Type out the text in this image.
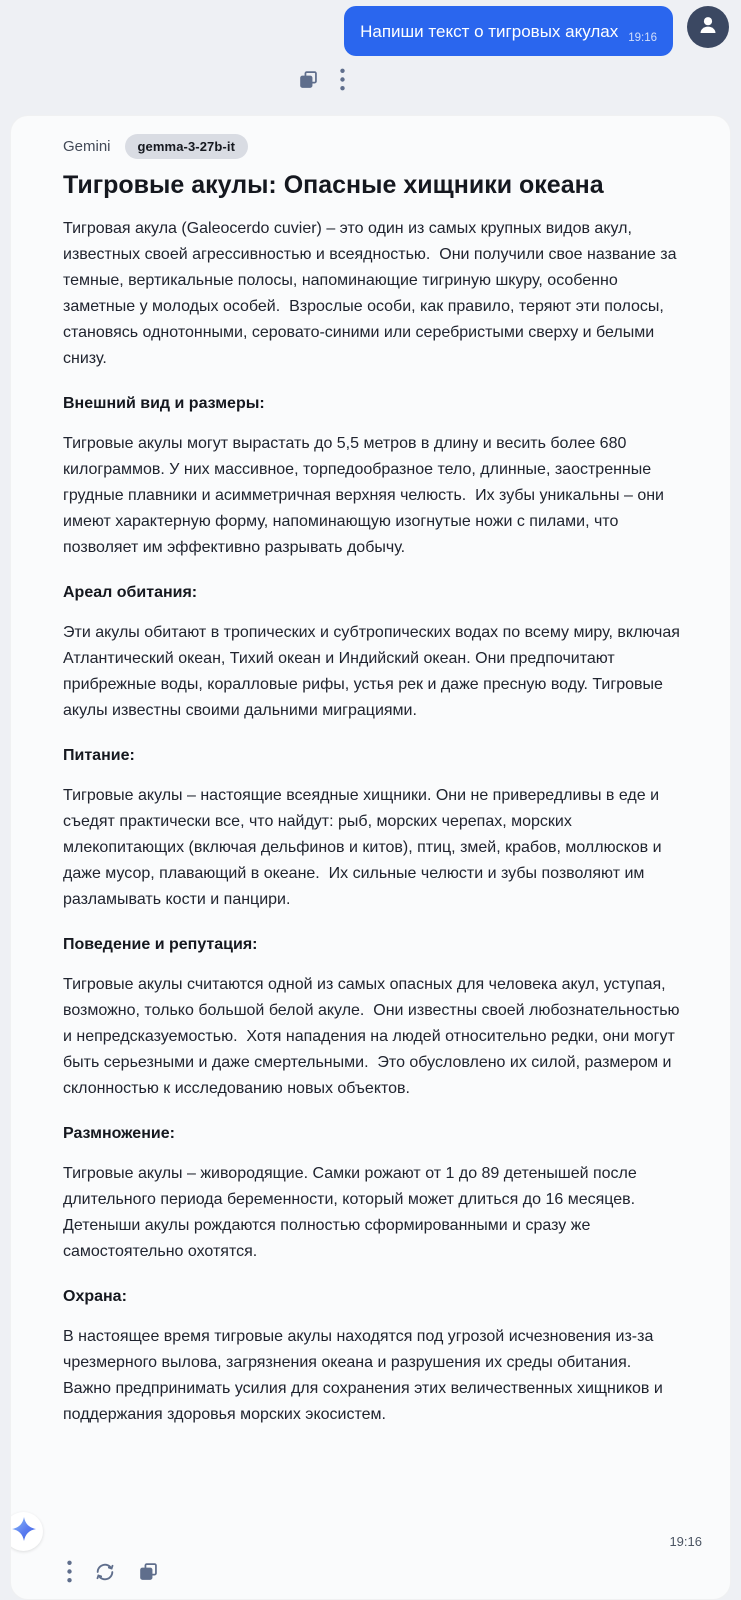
Напиши текст о тигровых акулах 19:16
Gemini	gemma-3-27b-it
Тигровые акулы: Опасные хищники океана

Тигровая акула (Galeocerdo cuvier) – это один из самых крупных видов акул, известных своей агрессивностью и всеядностью.  Они получили свое название за темные, вертикальные полосы, напоминающие тигриную шкуру, особенно заметные у молодых особей.  Взрослые особи, как правило, теряют эти полосы, становясь однотонными, серовато-синими или серебристыми сверху и белыми снизу.

Внешний вид и размеры:

Тигровые акулы могут вырастать до 5,5 метров в длину и весить более 680 килограммов. У них массивное, торпедообразное тело, длинные, заостренные грудные плавники и асимметричная верхняя челюсть.  Их зубы уникальны – они имеют характерную форму, напоминающую изогнутые ножи с пилами, что позволяет им эффективно разрывать добычу.

Ареал обитания:

Эти акулы обитают в тропических и субтропических водах по всему миру, включая Атлантический океан, Тихий океан и Индийский океан. Они предпочитают прибрежные воды, коралловые рифы, устья рек и даже пресную воду. Тигровые акулы известны своими дальними миграциями.

Питание:

Тигровые акулы – настоящие всеядные хищники. Они не привередливы в еде и съедят практически все, что найдут: рыб, морских черепах, морских млекопитающих (включая дельфинов и китов), птиц, змей, крабов, моллюсков и даже мусор, плавающий в океане.  Их сильные челюсти и зубы позволяют им разламывать кости и панцири.

Поведение и репутация:

Тигровые акулы считаются одной из самых опасных для человека акул, уступая, возможно, только большой белой акуле.  Они известны своей любознательностью и непредсказуемостью.  Хотя нападения на людей относительно редки, они могут быть серьезными и даже смертельными.  Это обусловлено их силой, размером и склонностью к исследованию новых объектов.

Размножение:

Тигровые акулы – живородящие. Самки рожают от 1 до 89 детенышей после длительного периода беременности, который может длиться до 16 месяцев.  Детеныши акулы рождаются полностью сформированными и сразу же самостоятельно охотятся.

Охрана:

В настоящее время тигровые акулы находятся под угрозой исчезновения из-за чрезмерного вылова, загрязнения океана и разрушения их среды обитания.  Важно предпринимать усилия для сохранения этих величественных хищников и поддержания здоровья морских экосистем.

19:16
